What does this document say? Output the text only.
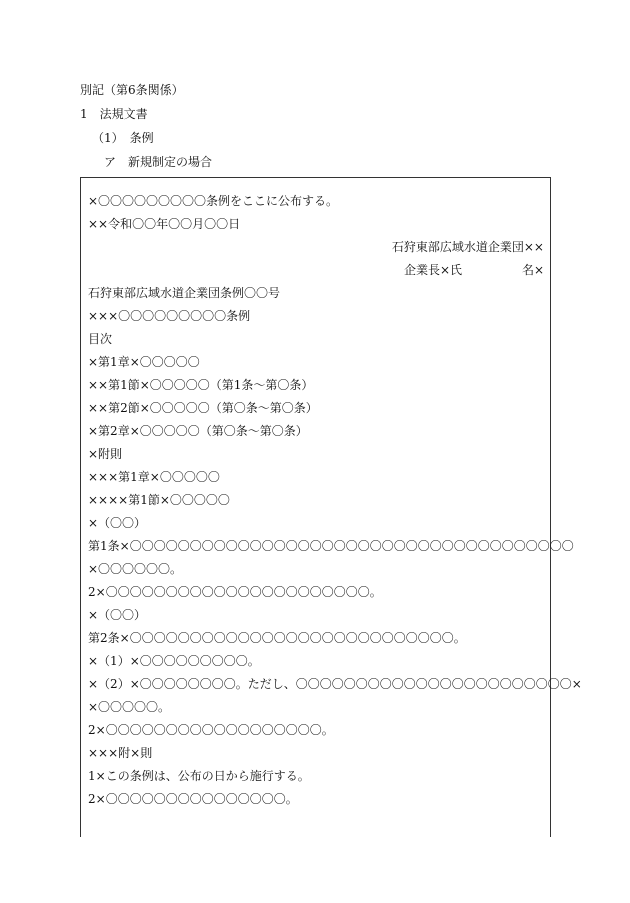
別記（第6条関係）
1　法規文書
（1）　条例
ア　新規制定の場合
×〇〇〇〇〇〇〇〇〇条例をここに公布する。
××令和〇〇年〇〇月〇〇日
石狩東部広域水道企業団××
企業長×氏	名×
石狩東部広域水道企業団条例〇〇号
×××〇〇〇〇〇〇〇〇〇条例
目次
×第1章×〇〇〇〇〇
××第1節×〇〇〇〇〇（第1条～第〇条）
××第2節×〇〇〇〇〇（第〇条～第〇条）
×第2章×〇〇〇〇〇（第〇条～第〇条）
×附則
×××第1章×〇〇〇〇〇
××××第1節×〇〇〇〇〇
×（〇〇）
第1条×〇〇〇〇〇〇〇〇〇〇〇〇〇〇〇〇〇〇〇〇〇〇〇〇〇〇〇〇〇〇〇〇〇〇〇〇〇
×〇〇〇〇〇〇。
2×〇〇〇〇〇〇〇〇〇〇〇〇〇〇〇〇〇〇〇〇〇〇。
×（〇〇）
第2条×〇〇〇〇〇〇〇〇〇〇〇〇〇〇〇〇〇〇〇〇〇〇〇〇〇〇〇。
×（1）×〇〇〇〇〇〇〇〇〇。
×（2）×〇〇〇〇〇〇〇〇。ただし、〇〇〇〇〇〇〇〇〇〇〇〇〇〇〇〇〇〇〇〇〇〇〇×
×〇〇〇〇〇。
2×〇〇〇〇〇〇〇〇〇〇〇〇〇〇〇〇〇〇。
×××附×則
1×この条例は、公布の日から施行する。
2×〇〇〇〇〇〇〇〇〇〇〇〇〇〇〇。
